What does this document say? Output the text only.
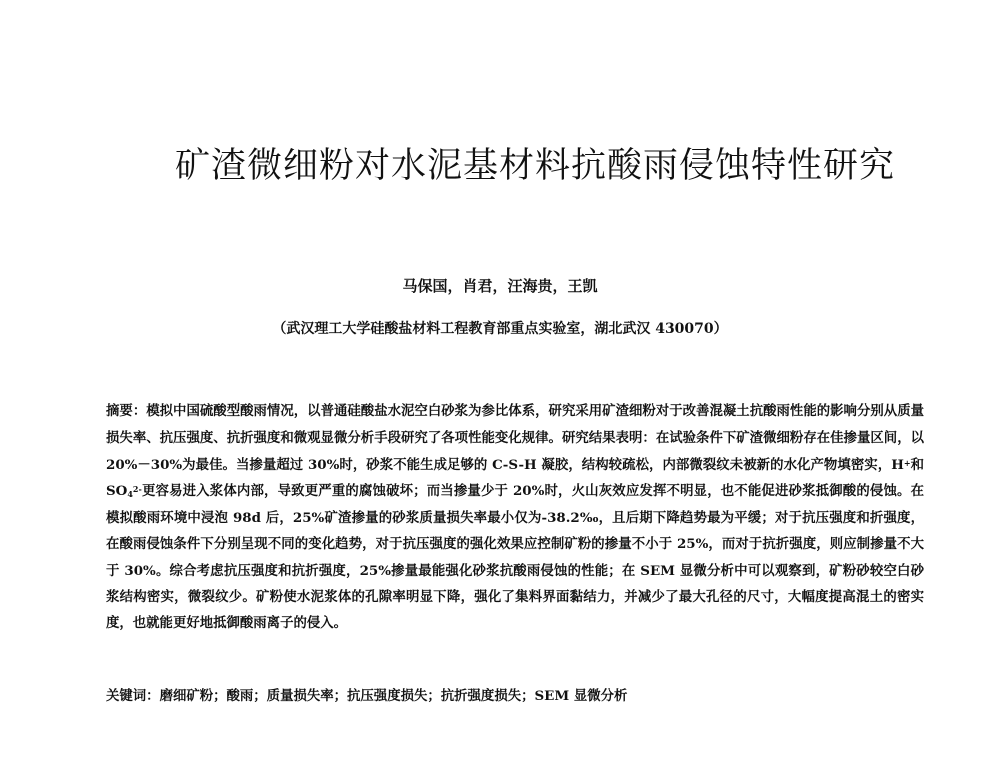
矿渣微细粉对水泥基材料抗酸雨侵蚀特性研究

马保国，肖君，汪海贵，王凯

（武汉理工大学硅酸盐材料工程教育部重点实验室，湖北武汉 430070）

摘要：模拟中国硫酸型酸雨情况，以普通硅酸盐水泥空白砂浆为参比体系，研究采用矿渣细粉对于改善混凝土抗酸雨性能的影响分别从质量损失率、抗压强度、抗折强度和微观显微分析手段研究了各项性能变化规律。研究结果表明：在试验条件下矿渣微细粉存在佳掺量区间，以 20%－30%为最佳。当掺量超过 30%时，砂浆不能生成足够的 C-S-H 凝胶，结构较疏松，内部微裂纹未被新的水化产物填密实，H+和 $SO_4^{2-}$更容易进入浆体内部，导致更严重的腐蚀破坏；而当掺量少于 20%时，火山灰效应发挥不明显，也不能促进砂浆抵御酸的侵蚀。在模拟酸雨环境中浸泡 98d 后，25%矿渣掺量的砂浆质量损失率最小仅为-38.2‰，且后期下降趋势最为平缓；对于抗压强度和折强度，在酸雨侵蚀条件下分别呈现不同的变化趋势，对于抗压强度的强化效果应控制矿粉的掺量不小于 25%，而对于抗折强度，则应制掺量不大于 30%。综合考虑抗压强度和抗折强度，25%掺量最能强化砂浆抗酸雨侵蚀的性能；在 SEM 显微分析中可以观察到，矿粉砂较空白砂浆结构密实，微裂纹少。矿粉使水泥浆体的孔隙率明显下降，强化了集料界面黏结力，并减少了最大孔径的尺寸，大幅度提高混土的密实度，也就能更好地抵御酸雨离子的侵入。

关键词：磨细矿粉；酸雨；质量损失率；抗压强度损失；抗折强度损失；SEM 显微分析
